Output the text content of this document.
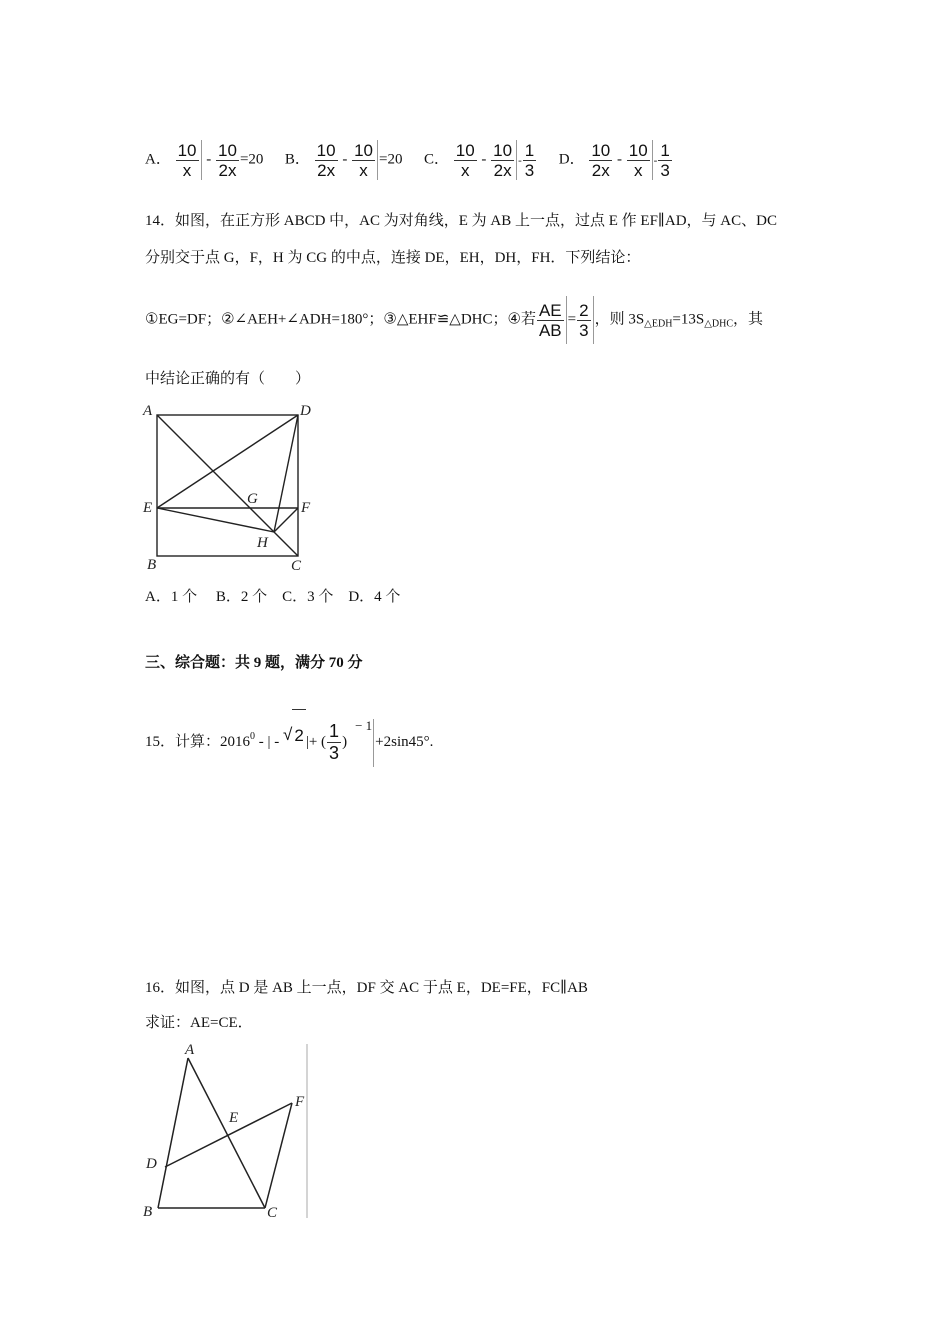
A． $\frac{10}{x} - \frac{10}{2x} =20$ B． $\frac{10}{2x} - \frac{10}{x} =20$ C． $\frac{10}{x} - \frac{10}{2x} - \frac{1}{3}$ D． $\frac{10}{2x} - \frac{10}{x} - \frac{1}{3}$
14．如图，在正方形 ABCD 中，AC 为对角线，E 为 AB 上一点，过点 E 作 EF∥AD，与 AC、DC
分别交于点 G，F，H 为 CG 的中点，连接 DE，EH，DH，FH．下列结论：
①EG=DF；②∠AEH+∠ADH=180°；③△EHF≌△DHC；④若 $\frac{AE}{AB} = \frac{2}{3}$ ，则 $3S_{\triangle EDH}=13S_{\triangle DHC}$，其
中结论正确的有（　　）
A	D
E	F
G
H
B	C
A．1 个　 B．2 个　C．3 个　D．4 个
三、综合题：共 9 题，满分 70 分
15．计算：2016$^0$ - | - √ 2 |+ ( $\frac{1}{3}$ )− 1+2sin45°.
16．如图，点 D 是 AB 上一点，DF 交 AC 于点 E，DE=FE，FC∥AB
求证：AE=CE．
A
F
E
D
B	C
